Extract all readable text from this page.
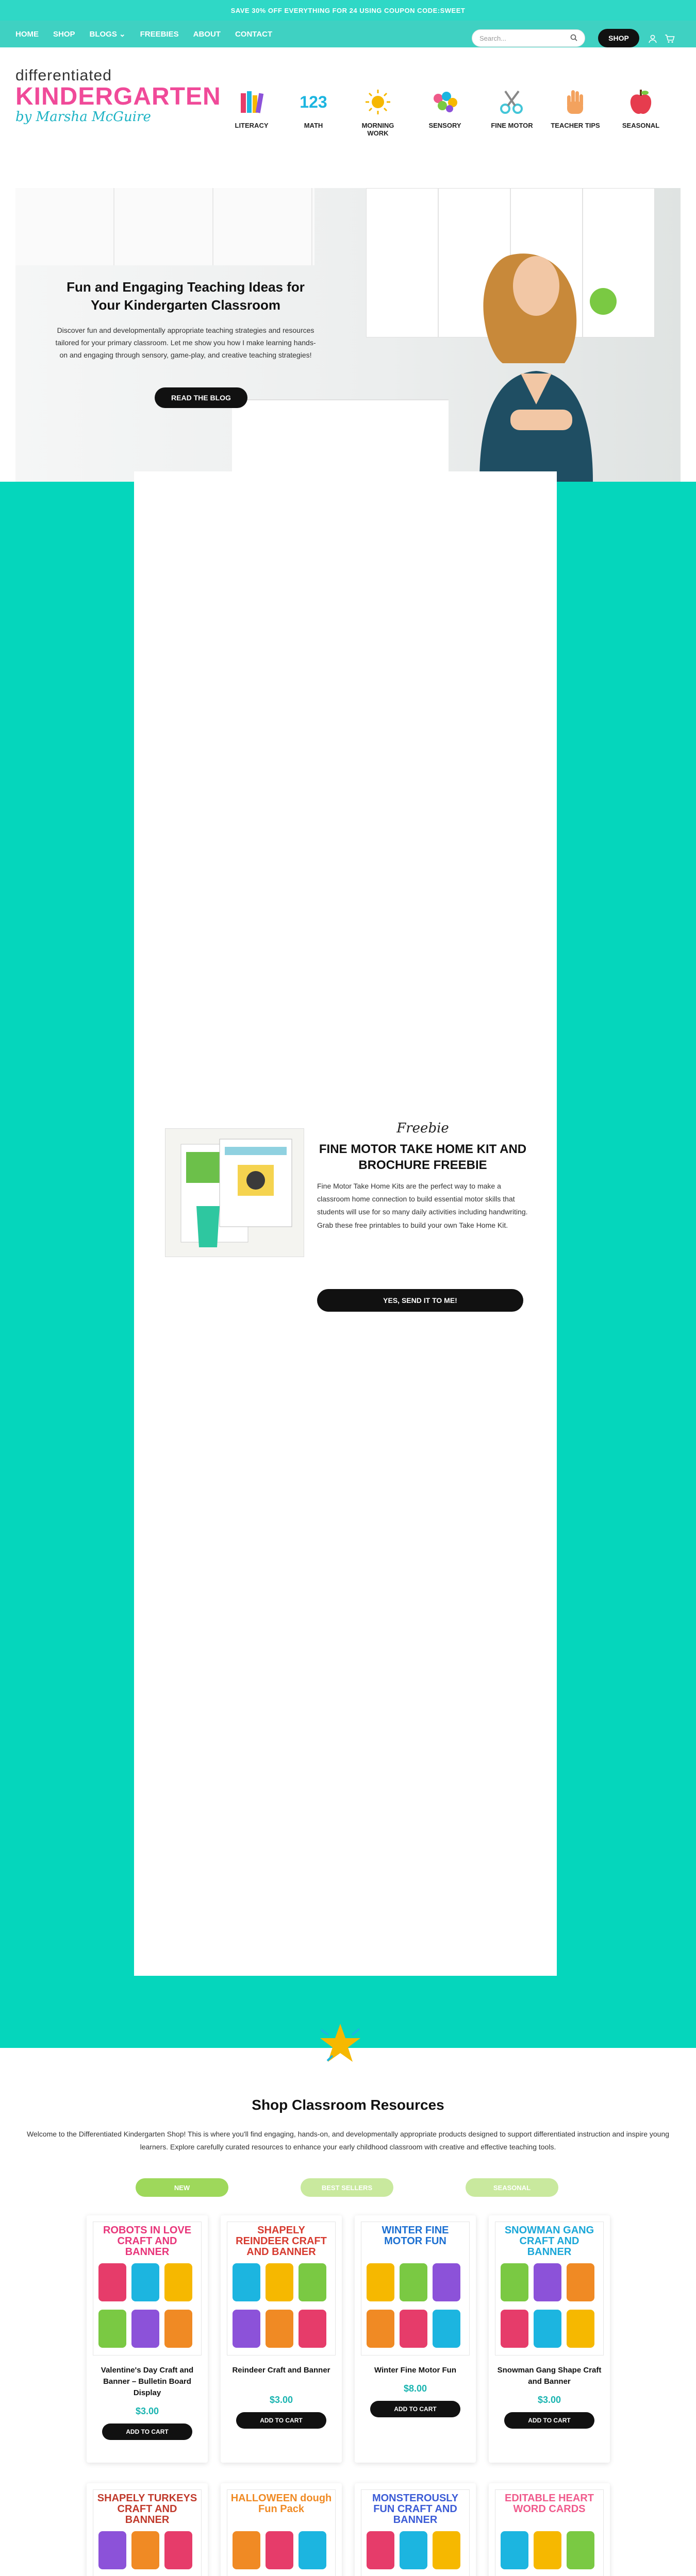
SAVE 30% OFF EVERYTHING FOR 24 USING COUPON CODE: SWEET
HOME SHOP BLOGS ⌄ FREEBIES ABOUT CONTACT	Search...	SHOP
differentiated
KINDERGARTEN
by Marsha McGuire
LITERACY
123
MATH	MORNING WORK
SENSORY	FINE MOTOR	TEACHER TIPS	SEASONAL
Fun and Engaging Teaching Ideas for Your Kindergarten Classroom
Discover fun and developmentally appropriate teaching strategies and resources tailored for your primary classroom. Let me show you how I make learning hands-on and engaging through sensory, game-play, and creative teaching strategies!
READ THE BLOG
Freebie
FINE MOTOR TAKE HOME KIT AND BROCHURE FREEBIE
Fine Motor Take Home Kits are the perfect way to make a classroom home connection to build essential motor skills that students will use for so many daily activities including handwriting. Grab these free printables to build your own Take Home Kit.
YES, SEND IT TO ME!
Shop Classroom Resources
Welcome to the Differentiated Kindergarten Shop! This is where you'll find engaging, hands-on, and developmentally appropriate products designed to support differentiated instruction and inspire young learners. Explore carefully curated resources to enhance your early childhood classroom with creative and effective teaching tools.
NEW	BEST SELLERS	SEASONAL
ROBOTS IN LOVE CRAFT AND BANNER
Valentine's Day Craft and Banner – Bulletin Board Display
$3.00
ADD TO CART
SHAPELY REINDEER CRAFT AND BANNER
Reindeer Craft and Banner
$3.00
ADD TO CART
WINTER FINE MOTOR FUN
Winter Fine Motor Fun
$8.00
ADD TO CART
SNOWMAN GANG CRAFT AND BANNER
Snowman Gang Shape Craft and Banner
$3.00
ADD TO CART
SHAPELY TURKEYS CRAFT AND BANNER
HALLOWEEN dough Fun Pack
MONSTEROUSLY FUN CRAFT AND BANNER
EDITABLE HEART WORD CARDS
